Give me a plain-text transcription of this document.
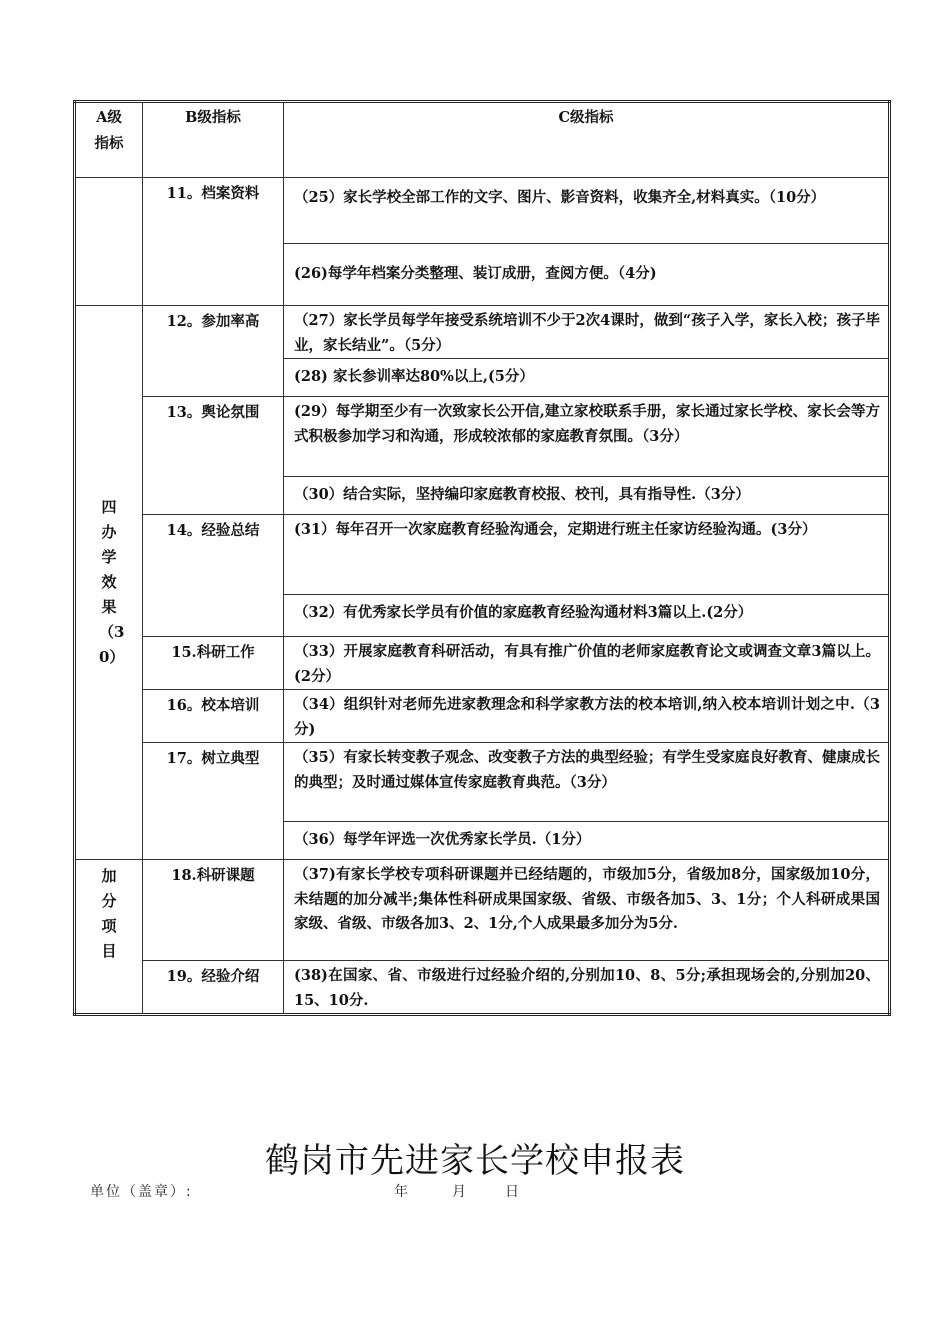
A级指标	B级指标	C级指标
	11。档案资料	（25）家长学校全部工作的文字、图片、影音资料，收集齐全,材料真实。（10分）
		(26)每学年档案分类整理、装订成册，查阅方便。（4分)
四办学效果（30）	12。参加率高	（27）家长学员每学年接受系统培训不少于2次4课时，做到“孩子入学，家长入校；孩子毕业，家长结业”。（5分）
		(28) 家长参训率达80%以上,(5分）
	13。舆论氛围	(29）每学期至少有一次致家长公开信,建立家校联系手册，家长通过家长学校、家长会等方式积极参加学习和沟通，形成较浓郁的家庭教育氛围。（3分）
		（30）结合实际，坚持编印家庭教育校报、校刊，具有指导性.（3分）
	14。经验总结	(31）每年召开一次家庭教育经验沟通会，定期进行班主任家访经验沟通。(3分）
		（32）有优秀家长学员有价值的家庭教育经验沟通材料3篇以上.(2分）
	15.科研工作	（33）开展家庭教育科研活动，有具有推广价值的老师家庭教育论文或调查文章3篇以上。(2分）
	16。校本培训	（34）组织针对老师先进家教理念和科学家教方法的校本培训,纳入校本培训计划之中.（3分)
	17。树立典型	（35）有家长转变教子观念、改变教子方法的典型经验；有学生受家庭良好教育、健康成长的典型；及时通过媒体宣传家庭教育典范。（3分）
		（36）每学年评选一次优秀家长学员.（1分）
加分项目	18.科研课题	（37)有家长学校专项科研课题并已经结题的，市级加5分，省级加8分，国家级加10分，未结题的加分减半;集体性科研成果国家级、省级、市级各加5、3、1分；个人科研成果国家级、省级、市级各加3、2、1分,个人成果最多加分为5分.
	19。经验介绍	(38)在国家、省、市级进行过经验介绍的,分别加10、8、5分;承担现场会的,分别加20、15、10分.
鹤岗市先进家长学校申报表
单位（盖章）:	年	月	日
